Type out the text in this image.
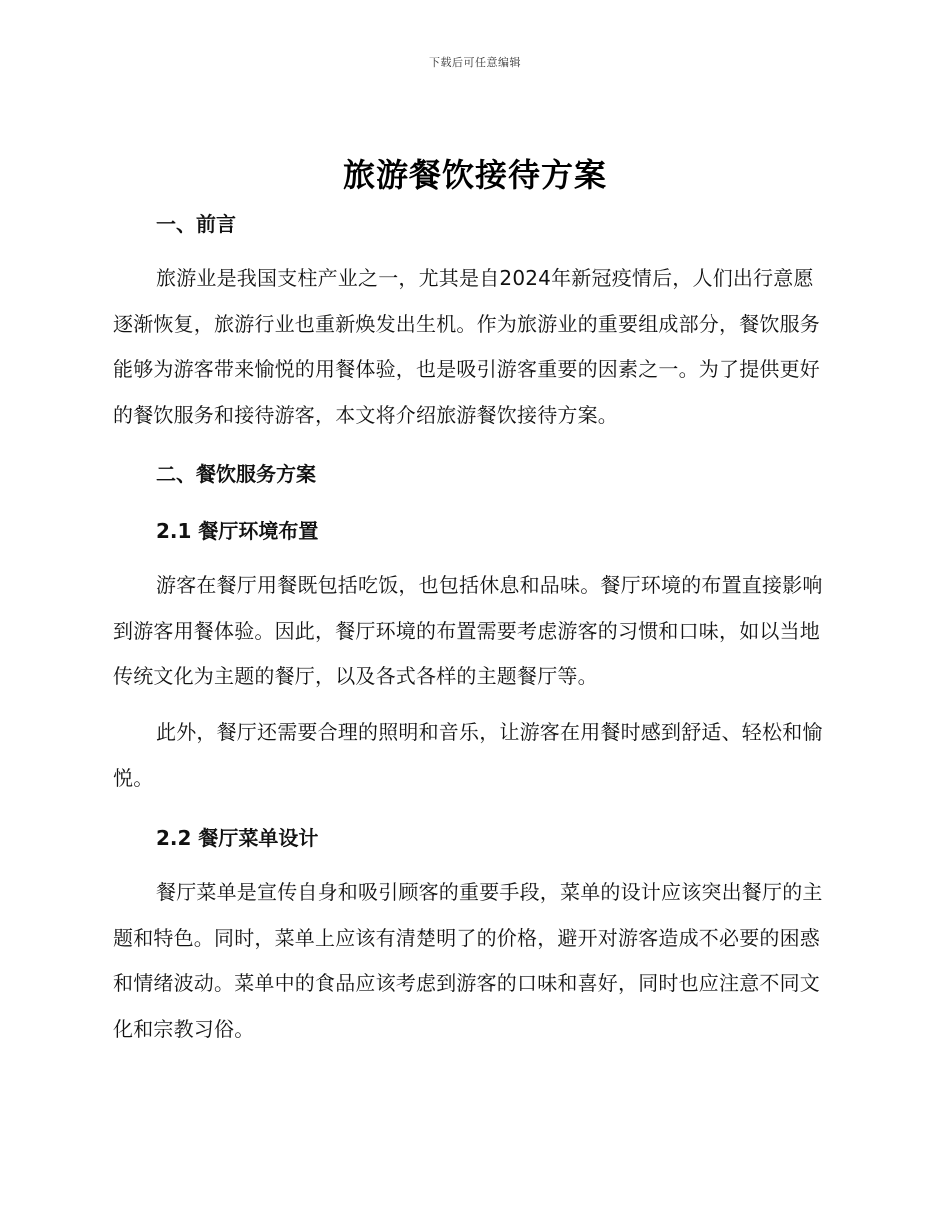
下载后可任意编辑
旅游餐饮接待方案
一、前言

旅游业是我国支柱产业之一，尤其是自2024年新冠疫情后，人们出行意愿逐渐恢复，旅游行业也重新焕发出生机。作为旅游业的重要组成部分，餐饮服务能够为游客带来愉悦的用餐体验，也是吸引游客重要的因素之一。为了提供更好的餐饮服务和接待游客，本文将介绍旅游餐饮接待方案。

二、餐饮服务方案
2.1 餐厅环境布置

游客在餐厅用餐既包括吃饭，也包括休息和品味。餐厅环境的布置直接影响到游客用餐体验。因此，餐厅环境的布置需要考虑游客的习惯和口味，如以当地传统文化为主题的餐厅，以及各式各样的主题餐厅等。

此外，餐厅还需要合理的照明和音乐，让游客在用餐时感到舒适、轻松和愉悦。

2.2 餐厅菜单设计

餐厅菜单是宣传自身和吸引顾客的重要手段，菜单的设计应该突出餐厅的主题和特色。同时，菜单上应该有清楚明了的价格，避开对游客造成不必要的困惑和情绪波动。菜单中的食品应该考虑到游客的口味和喜好，同时也应注意不同文化和宗教习俗。
